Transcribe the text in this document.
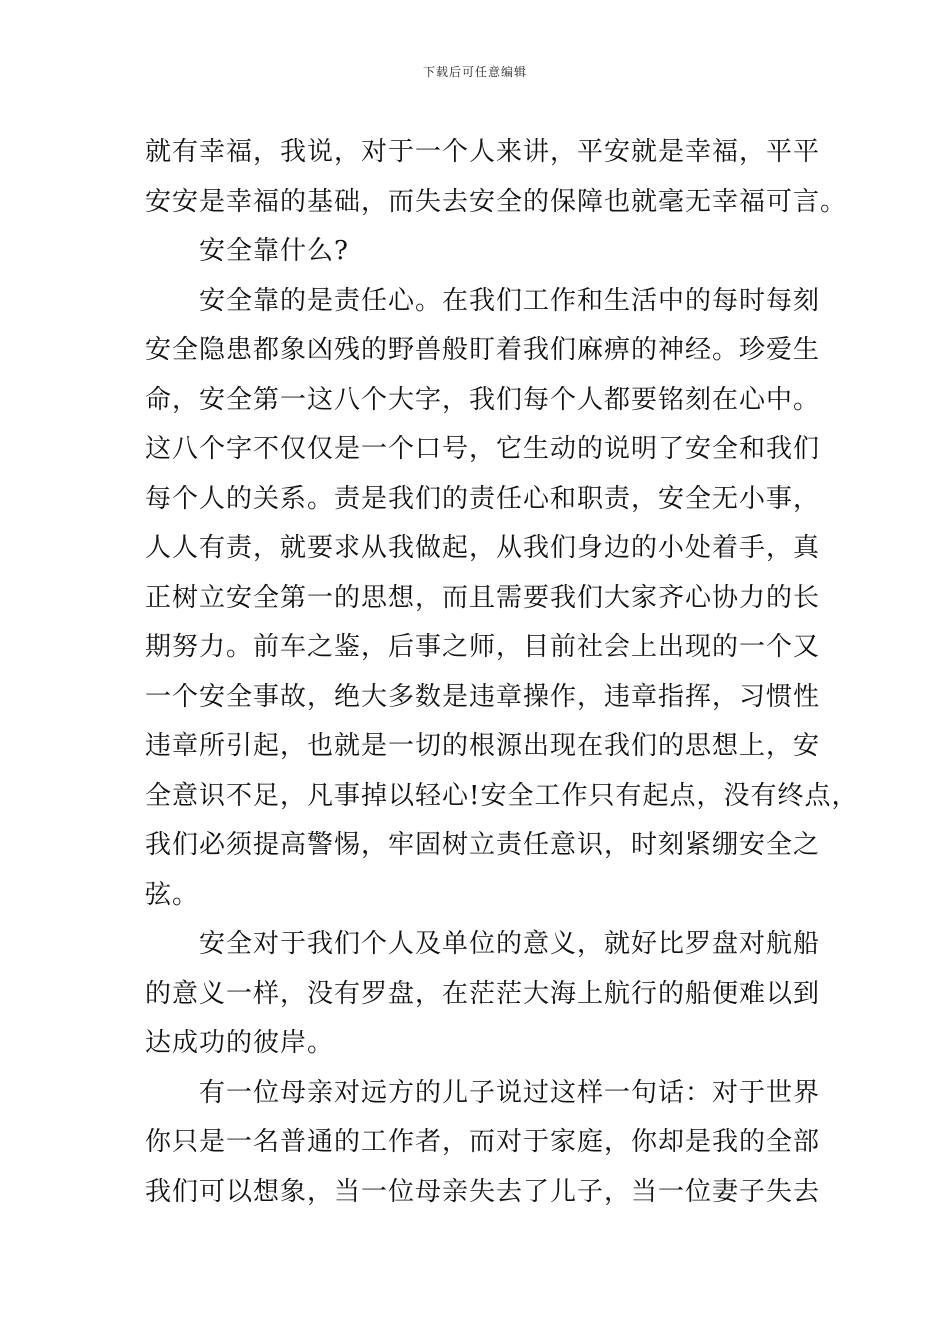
下载后可任意编辑
就有幸福，我说，对于一个人来讲，平安就是幸福，平平
安安是幸福的基础，而失去安全的保障也就毫无幸福可言。
安全靠什么?
安全靠的是责任心。在我们工作和生活中的每时每刻
安全隐患都象凶残的野兽般盯着我们麻痹的神经。珍爱生
命，安全第一这八个大字，我们每个人都要铭刻在心中。
这八个字不仅仅是一个口号，它生动的说明了安全和我们
每个人的关系。责是我们的责任心和职责，安全无小事，
人人有责，就要求从我做起，从我们身边的小处着手，真
正树立安全第一的思想，而且需要我们大家齐心协力的长
期努力。前车之鉴，后事之师，目前社会上出现的一个又
一个安全事故，绝大多数是违章操作，违章指挥，习惯性
违章所引起，也就是一切的根源出现在我们的思想上，安
全意识不足，凡事掉以轻心!安全工作只有起点，没有终点，
我们必须提高警惕，牢固树立责任意识，时刻紧绷安全之
弦。
安全对于我们个人及单位的意义，就好比罗盘对航船
的意义一样，没有罗盘，在茫茫大海上航行的船便难以到
达成功的彼岸。
有一位母亲对远方的儿子说过这样一句话：对于世界
你只是一名普通的工作者，而对于家庭，你却是我的全部
我们可以想象，当一位母亲失去了儿子，当一位妻子失去
